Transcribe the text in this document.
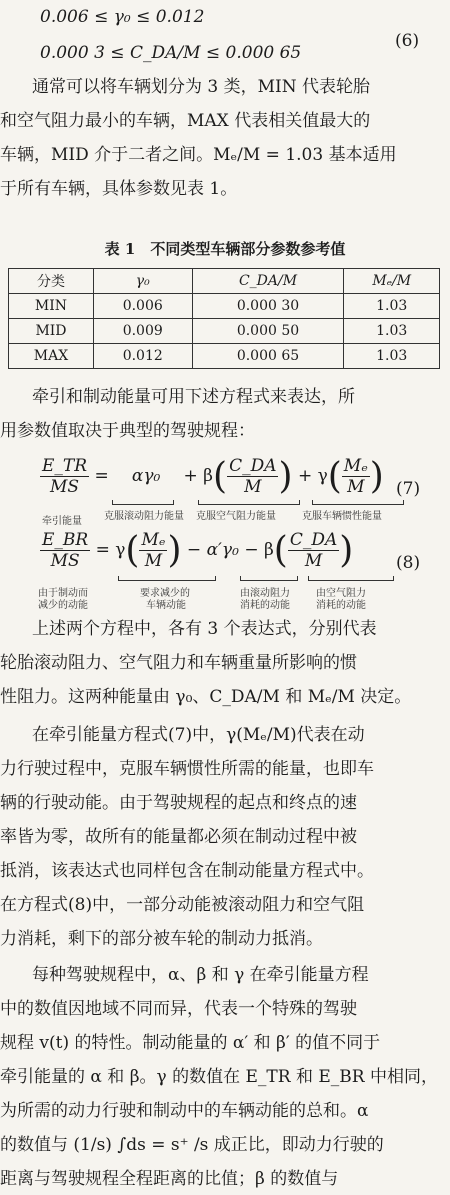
0.006 ≤ γ₀ ≤ 0.012
0.000 3 ≤ C_DA/M ≤ 0.000 65
(6)
通常可以将车辆划分为 3 类，MIN 代表轮胎
和空气阻力最小的车辆，MAX 代表相关值最大的
车辆，MID 介于二者之间。Mₑ/M = 1.03 基本适用
于所有车辆，具体参数见表 1。
表 1　不同类型车辆部分参数参考值
分类	γ₀	C_DA/M	Mₑ/M
MIN	0.006	0.000 30	1.03
MID	0.009	0.000 50	1.03
MAX	0.012	0.000 65	1.03
牵引和制动能量可用下述方程式来表达，所
用参数值取决于典型的驾驶规程：
$\frac{E\_TR}{MS} = \alpha\gamma_0 + \beta( \frac{C\_DA}{M}$ ) + $\gamma( \frac{\text{Mₑ}}{M}$ ) (7)
牵引能量 克服滚动阻力能量 克服空气阻力能量	克服车辆惯性能量
$\frac{E\_BR}{MS} = \gamma( \frac{\text{Mₑ}}{M}$ ) − $\alpha'\gamma_0 - \beta( \frac{C\_DA}{M}$ )	(8)
由于制动而
减少的动能
要求减少的
车辆动能
由滚动阻力
消耗的动能
由空气阻力
消耗的动能
上述两个方程中，各有 3 个表达式，分别代表
轮胎滚动阻力、空气阻力和车辆重量所影响的惯
性阻力。这两种能量由 γ₀、C_DA/M 和 Mₑ/M 决定。
在牵引能量方程式(7)中，γ(Mₑ/M)代表在动
力行驶过程中，克服车辆惯性所需的能量，也即车
辆的行驶动能。由于驾驶规程的起点和终点的速
率皆为零，故所有的能量都必须在制动过程中被
抵消，该表达式也同样包含在制动能量方程式中。
在方程式(8)中，一部分动能被滚动阻力和空气阻
力消耗，剩下的部分被车轮的制动力抵消。
每种驾驶规程中，α、β 和 γ 在牵引能量方程
中的数值因地域不同而异，代表一个特殊的驾驶
规程 v(t) 的特性。制动能量的 α′ 和 β′ 的值不同于
牵引能量的 α 和 β。γ 的数值在 E_TR 和 E_BR 中相同，
为所需的动力行驶和制动中的车辆动能的总和。α
的数值与 (1/s) ∫ds = s⁺ /s 成正比，即动力行驶的
距离与驾驶规程全程距离的比值；β 的数值与
